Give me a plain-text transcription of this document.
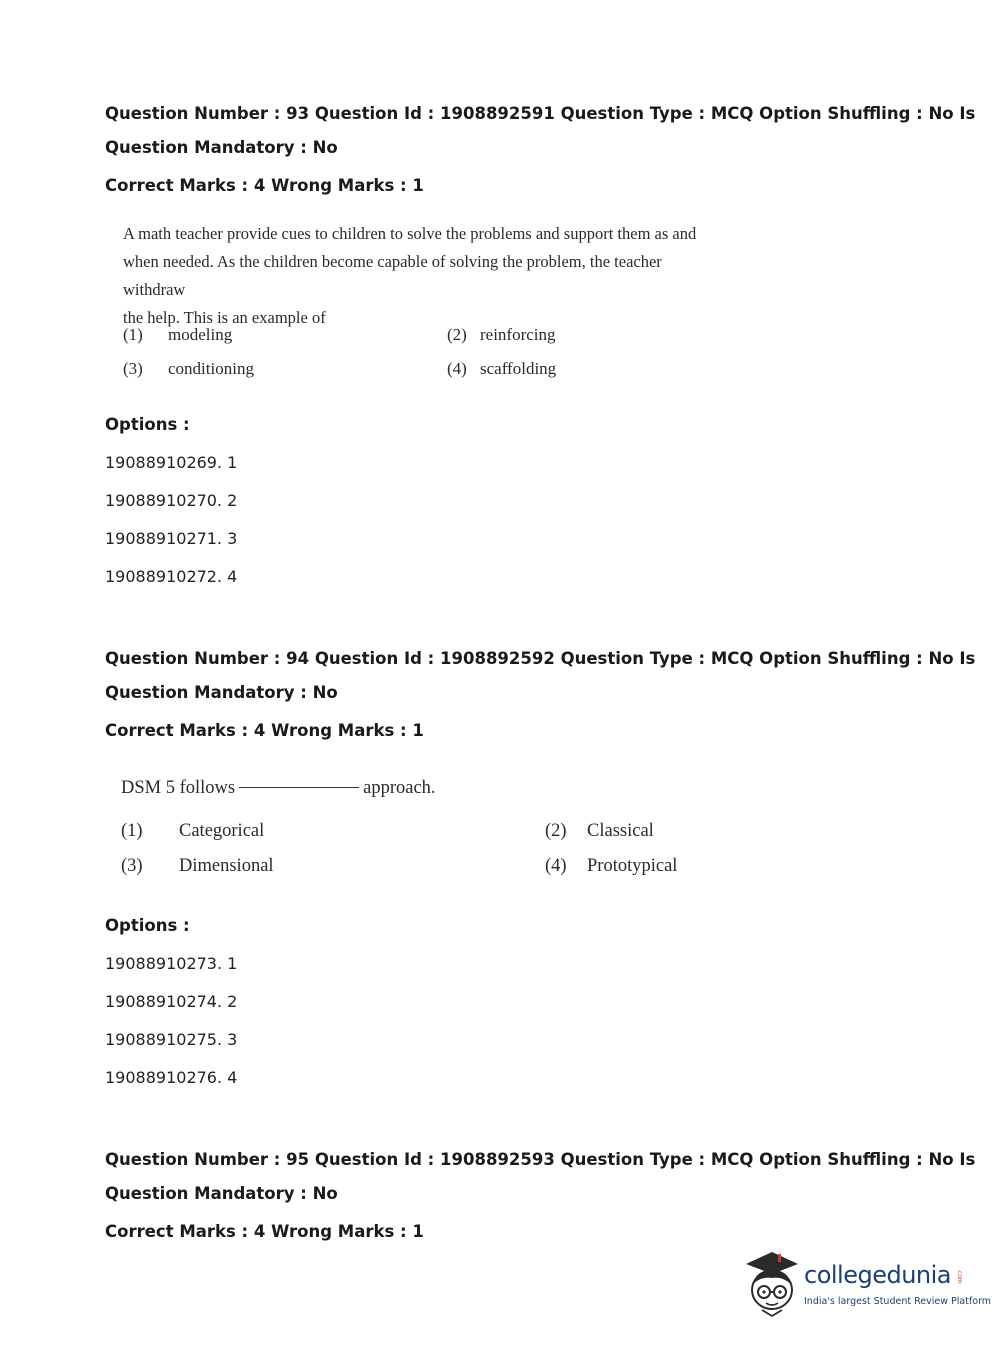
Question Number : 93 Question Id : 1908892591 Question Type : MCQ Option Shuffling : No Is
Question Mandatory : No
Correct Marks : 4 Wrong Marks : 1
A math teacher provide cues to children to solve the problems and support them as and
when needed. As the children become capable of solving the problem, the teacher withdraw
the help. This is an example of
(1) modeling	(2) reinforcing
(3) conditioning	(4) scaffolding
Options :
19088910269. 1
19088910270. 2
19088910271. 3
19088910272. 4
Question Number : 94 Question Id : 1908892592 Question Type : MCQ Option Shuffling : No Is
Question Mandatory : No
Correct Marks : 4 Wrong Marks : 1
DSM 5 follows	approach.
(1) Categorical	(2) Classical
(3) Dimensional	(4) Prototypical
Options :
19088910273. 1
19088910274. 2
19088910275. 3
19088910276. 4
Question Number : 95 Question Id : 1908892593 Question Type : MCQ Option Shuffling : No Is
Question Mandatory : No
Correct Marks : 4 Wrong Marks : 1
collegedunia .com
India's largest Student Review Platform
